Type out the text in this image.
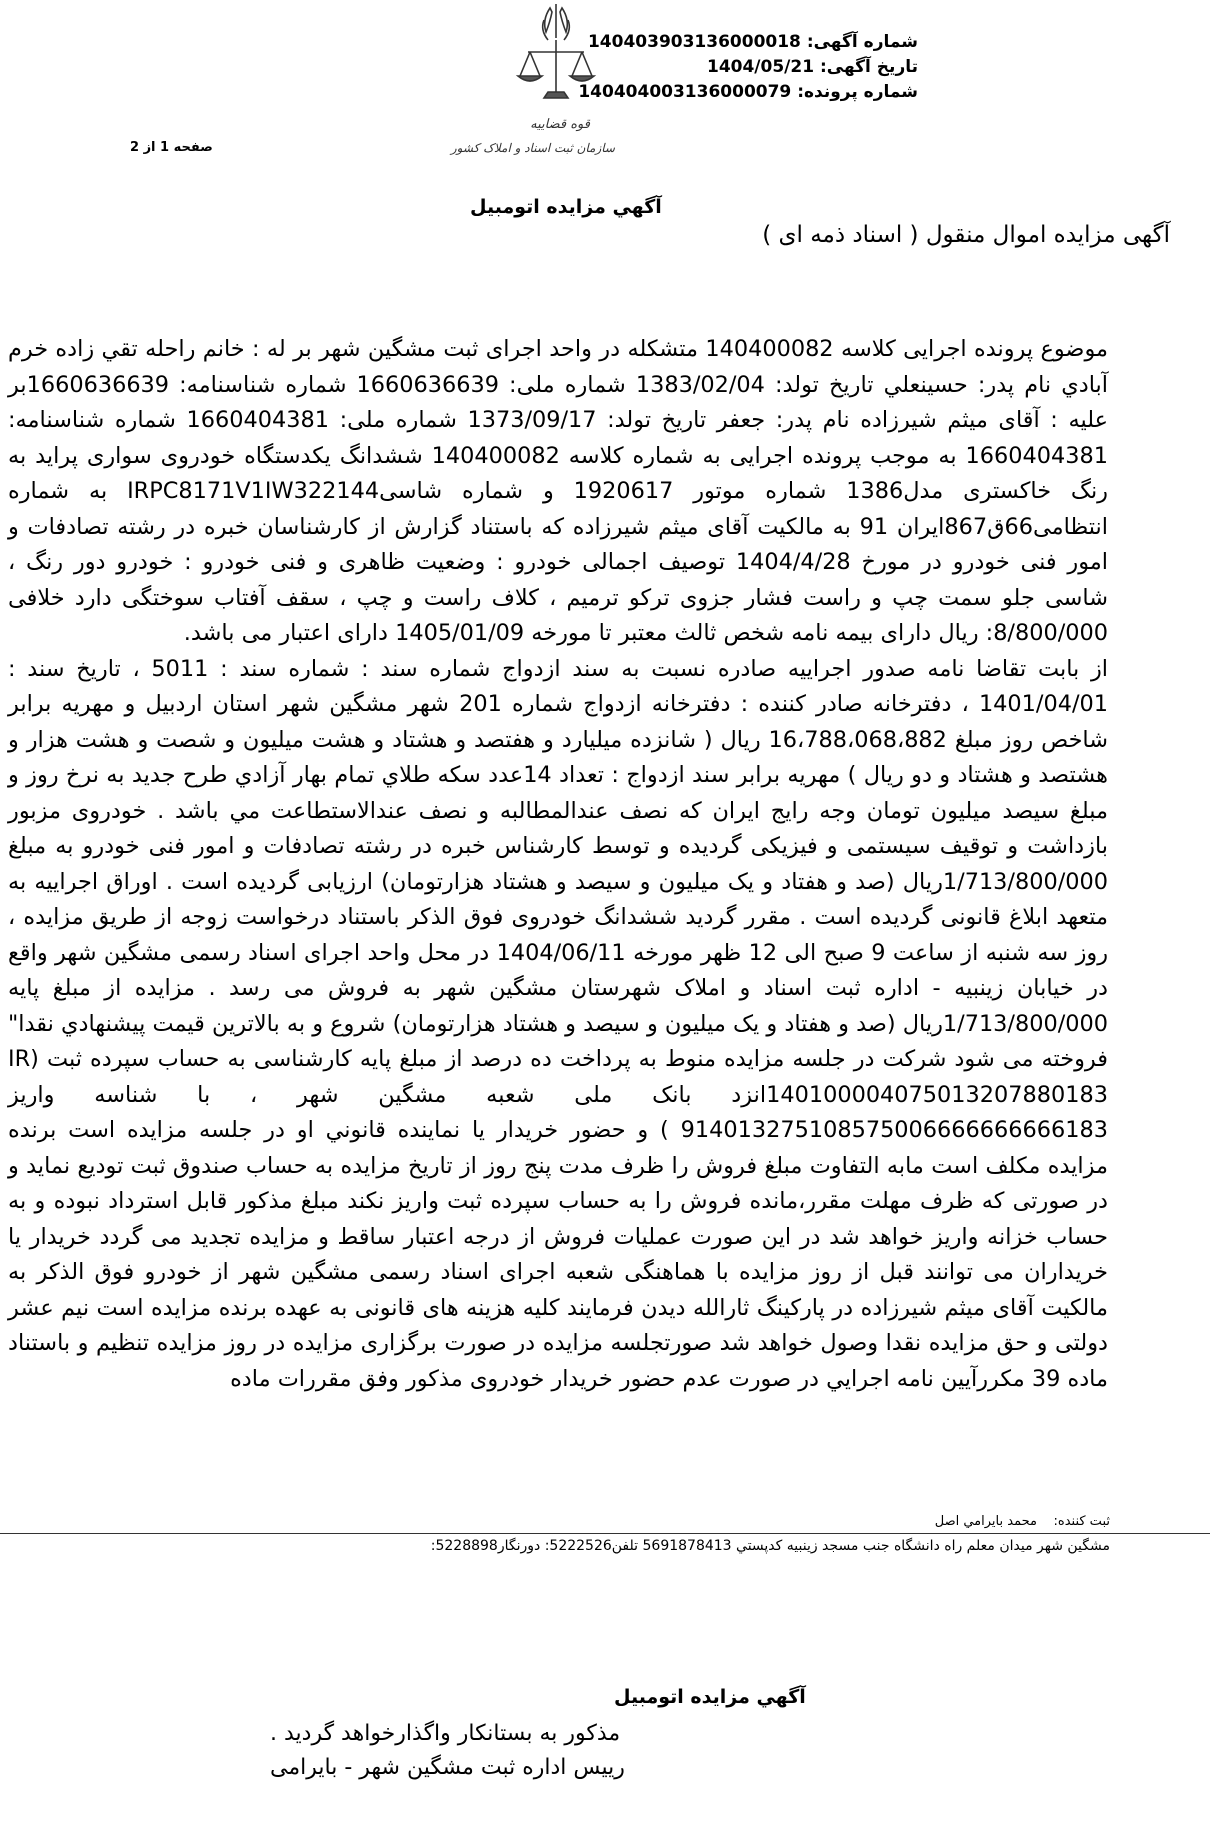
شماره آگهی: 140403903136000018
تاریخ آگهی: 1404/05/21
شماره پرونده: 140404003136000079
قوه قضاییه
سازمان ثبت اسناد و املاک کشور
صفحه 1 از 2
آگهي مزايده اتومبيل
آگهی مزایده اموال منقول ( اسناد ذمه ای )

موضوع پرونده اجرایی کلاسه 140400082 متشکله در واحد اجرای ثبت مشگین شهر بر له : خانم راحله تقي زاده خرم آبادي نام پدر: حسينعلي تاريخ تولد: 1383/02/04 شماره ملی: 1660636639 شماره شناسنامه: 1660636639بر علیه : آقای میثم شیرزاده نام پدر: جعفر تاریخ تولد: 1373/09/17 شماره ملی: 1660404381 شماره شناسنامه: 1660404381 به موجب پرونده اجرایی به شماره کلاسه 140400082 ششدانگ یکدستگاه خودروی سواری پراید به رنگ خاکستری مدل1386 شماره موتور 1920617 و شماره شاسیIRPC8171V1IW322144 به شماره انتظامی66ق867ایران 91 به مالکیت آقای میثم شیرزاده که باستناد گزارش از کارشناسان خبره در رشته تصادفات و امور فنی خودرو در مورخ 1404/4/28 توصیف اجمالی خودرو : وضعیت ظاهری و فنی خودرو : خودرو دور رنگ ، شاسی جلو سمت چپ و راست فشار جزوی ترکو ترمیم ، کلاف راست و چپ ، سقف آفتاب سوختگی دارد خلافی 8/800/000: ریال دارای بیمه نامه شخص ثالث معتبر تا مورخه 1405/01/09 دارای اعتبار می باشد.

از بابت تقاضا نامه صدور اجراییه صادره نسبت به سند ازدواج شماره سند : شماره سند : 5011 ، تاریخ سند : 1401/04/01 ، دفترخانه صادر کننده : دفترخانه ازدواج شماره 201 شهر مشگین شهر استان اردبیل و مهریه برابر شاخص روز مبلغ 16،788،068،882 ریال ( شانزده میلیارد و هفتصد و هشتاد و هشت میلیون و شصت و هشت هزار و هشتصد و هشتاد و دو ریال ) مهریه برابر سند ازدواج : تعداد 14عدد سکه طلاي تمام بهار آزادي طرح جديد به نرخ روز و مبلغ سیصد میلیون تومان وجه رايج ايران كه نصف عندالمطالبه و نصف عندالاستطاعت مي باشد . خودروی مزبور بازداشت و توقیف سیستمی و فیزیکی گردیده و توسط کارشناس خبره در رشته تصادفات و امور فنی خودرو به مبلغ 1/713/800/000ریال (صد و هفتاد و یک میلیون و سیصد و هشتاد هزارتومان) ارزیابی گردیده است . اوراق اجراییه به متعهد ابلاغ قانونی گردیده است . مقرر گردید ششدانگ خودروی فوق الذکر باستناد درخواست زوجه از طریق مزایده ، روز سه شنبه از ساعت 9 صبح الی 12 ظهر مورخه 1404/06/11 در محل واحد اجرای اسناد رسمی مشگین شهر واقع در خیابان زینبیه - اداره ثبت اسناد و املاک شهرستان مشگین شهر به فروش می رسد . مزایده از مبلغ پایه 1/713/800/000ریال (صد و هفتاد و یک میلیون و سیصد و هشتاد هزارتومان) شروع و به بالاترين قيمت پيشنهادي نقدا" فروخته می شود شرکت در جلسه مزایده منوط به پرداخت ده درصد از مبلغ پایه کارشناسی به حساب سپرده ثبت (IR 140100004075013207880183انزد بانک ملی شعبه مشگین شهر ، با شناسه واریز 914013275108575006666666666183 ) و حضور خريدار يا نماينده قانوني او در جلسه مزايده است برنده مزایده مکلف است مابه التفاوت مبلغ فروش را ظرف مدت پنج روز از تاریخ مزایده به حساب صندوق ثبت تودیع نماید و در صورتی که ظرف مهلت مقرر،مانده فروش را به حساب سپرده ثبت واريز نکند مبلغ مذکور قابل استرداد نبوده و به حساب خزانه واريز خواهد شد در این صورت عملیات فروش از درجه اعتبار ساقط و مزایده تجدید می گردد خریدار یا خریداران می توانند قبل از روز مزایده با هماهنگی شعبه اجرای اسناد رسمی مشگین شهر از خودرو فوق الذکر به مالکیت آقای میثم شیرزاده در پارکینگ ثارالله دیدن فرمایند کلیه هزینه های قانونی به عهده برنده مزایده است نیم عشر دولتی و حق مزایده نقدا وصول خواهد شد صورتجلسه مزایده در صورت برگزاری مزایده در روز مزایده تنظیم و باستناد ماده 39 مکررآيين نامه اجرايي در صورت عدم حضور خريدار خودروی مذكور وفق مقررات ماده

ثبت کننده:    محمد بايرامي اصل
مشگين شهر ميدان معلم راه دانشگاه جنب مسجد زينبيه كدپستي 5691878413 تلفن5222526: دورنگار5228898:
آگهي مزايده اتومبيل
مذکور به بستانکار واگذارخواهد گردید .
رییس اداره ثبت مشگین شهر - بایرامی
